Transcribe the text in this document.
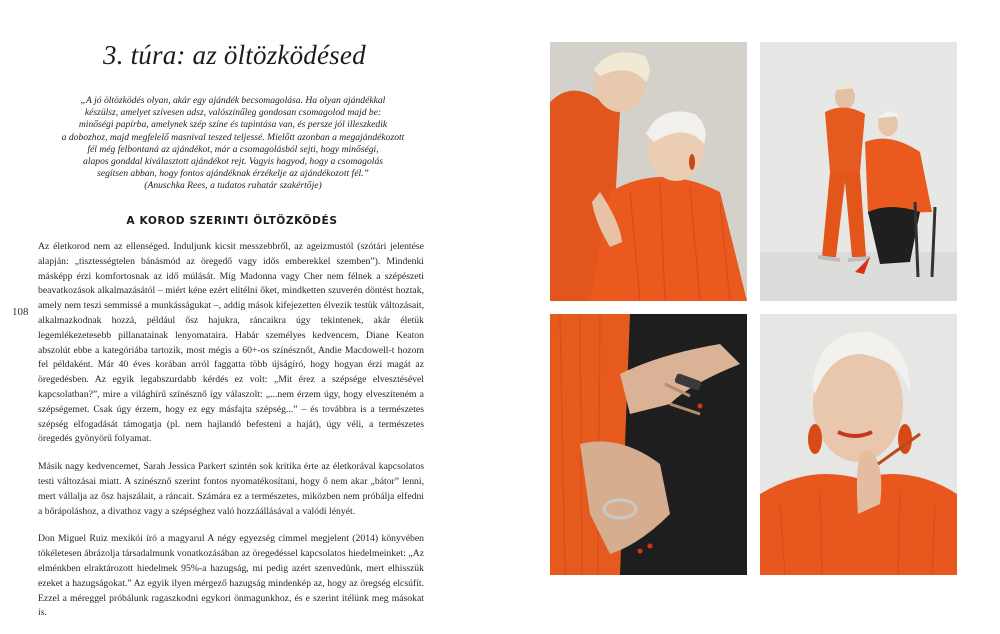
3. túra: az öltözködésed
„A jó öltözködés olyan, akár egy ajándék becsomagolása. Ha olyan ajándékkal
készülsz, amelyet szívesen adsz, valószínűleg gondosan csomagolod majd be:
minőségi papírba, amelynek szép színe és tapintása van, és persze jól illeszkedik
a dobozhoz, majd megfelelő masnival teszed teljessé. Mielőtt azonban a megajándékozott
fél még felbontaná az ajándékot, már a csomagolásból sejti, hogy minőségi,
alapos gonddal kiválasztott ajándékot rejt. Vagyis hagyod, hogy a csomagolás
segítsen abban, hogy fontos ajándéknak érzékelje az ajándékozott fél.”
(Anuschka Rees, a tudatos ruhatár szakértője)
A KOROD SZERINTI ÖLTÖZKÖDÉS
108

Az életkorod nem az ellenséged. Induljunk kicsit messzebbről, az ageizmustól (szótári jelentése alapján: „tisztességtelen bánásmód az öregedő vagy idős emberekkel szemben”). Mindenki másképp érzi komfortosnak az idő múlását. Míg Madonna vagy Cher nem félnek a szépészeti beavatkozások alkalmazásától – miért kéne ezért elítélni őket, mindketten szuverén döntést hoztak, amely nem teszi semmissé a munkásságukat –, addig mások kifejezetten élvezik testük változásait, alkalmazkodnak hozzá, például ősz hajukra, ráncaikra úgy tekintenek, akár életük legemlékezetesebb pillanatainak lenyomataira. Habár személyes kedvencem, Diane Keaton abszolút ebbe a kategóriába tartozik, most mégis a 60+-os színésznőt, Andie Macdowell-t hozom fel példaként. Már 40 éves korában arról faggatta több újságíró, hogy hogyan érzi magát az öregedésben. Az egyik legabszurdabb kérdés ez volt: „Mit érez a szépsége elvesztésével kapcsolatban?”, mire a világhírű színésznő így válaszolt: „...nem érzem úgy, hogy elveszíteném a szépségemet. Csak úgy érzem, hogy ez egy másfajta szépség...” – és továbbra is a természetes szépség elfogadását támogatja (pl. nem hajlandó befesteni a haját), úgy véli, a természetes öregedés gyönyörű folyamat.

Másik nagy kedvencemet, Sarah Jessica Parkert szintén sok kritika érte az életkorával kapcsolatos testi változásai miatt. A színésznő szerint fontos nyomatékosítani, hogy ő nem akar „bátor” lenni, mert vállalja az ősz hajszálait, a ráncait. Számára ez a természetes, miközben nem próbálja elfedni a bőrápoláshoz, a divathoz vagy a szépséghez való hozzáállásával a valódi lényét.

Don Miguel Ruiz mexikói író a magyarul A négy egyezség címmel megjelent (2014) könyvében tökéletesen ábrázolja társadalmunk vonatkozásában az öregedéssel kapcsolatos hiedelmeinket: „Az elménkben elraktározott hiedelmek 95%-a hazugság, mi pedig azért szenvedünk, mert elhisszük ezeket a hazugságokat.” Az egyik ilyen mérgező hazugság mindenkép az, hogy az öregség elcsúfít. Ezzel a méreggel próbálunk ragaszkodni egykori önmagunkhoz, és e szerint ítélünk meg másokat is.
